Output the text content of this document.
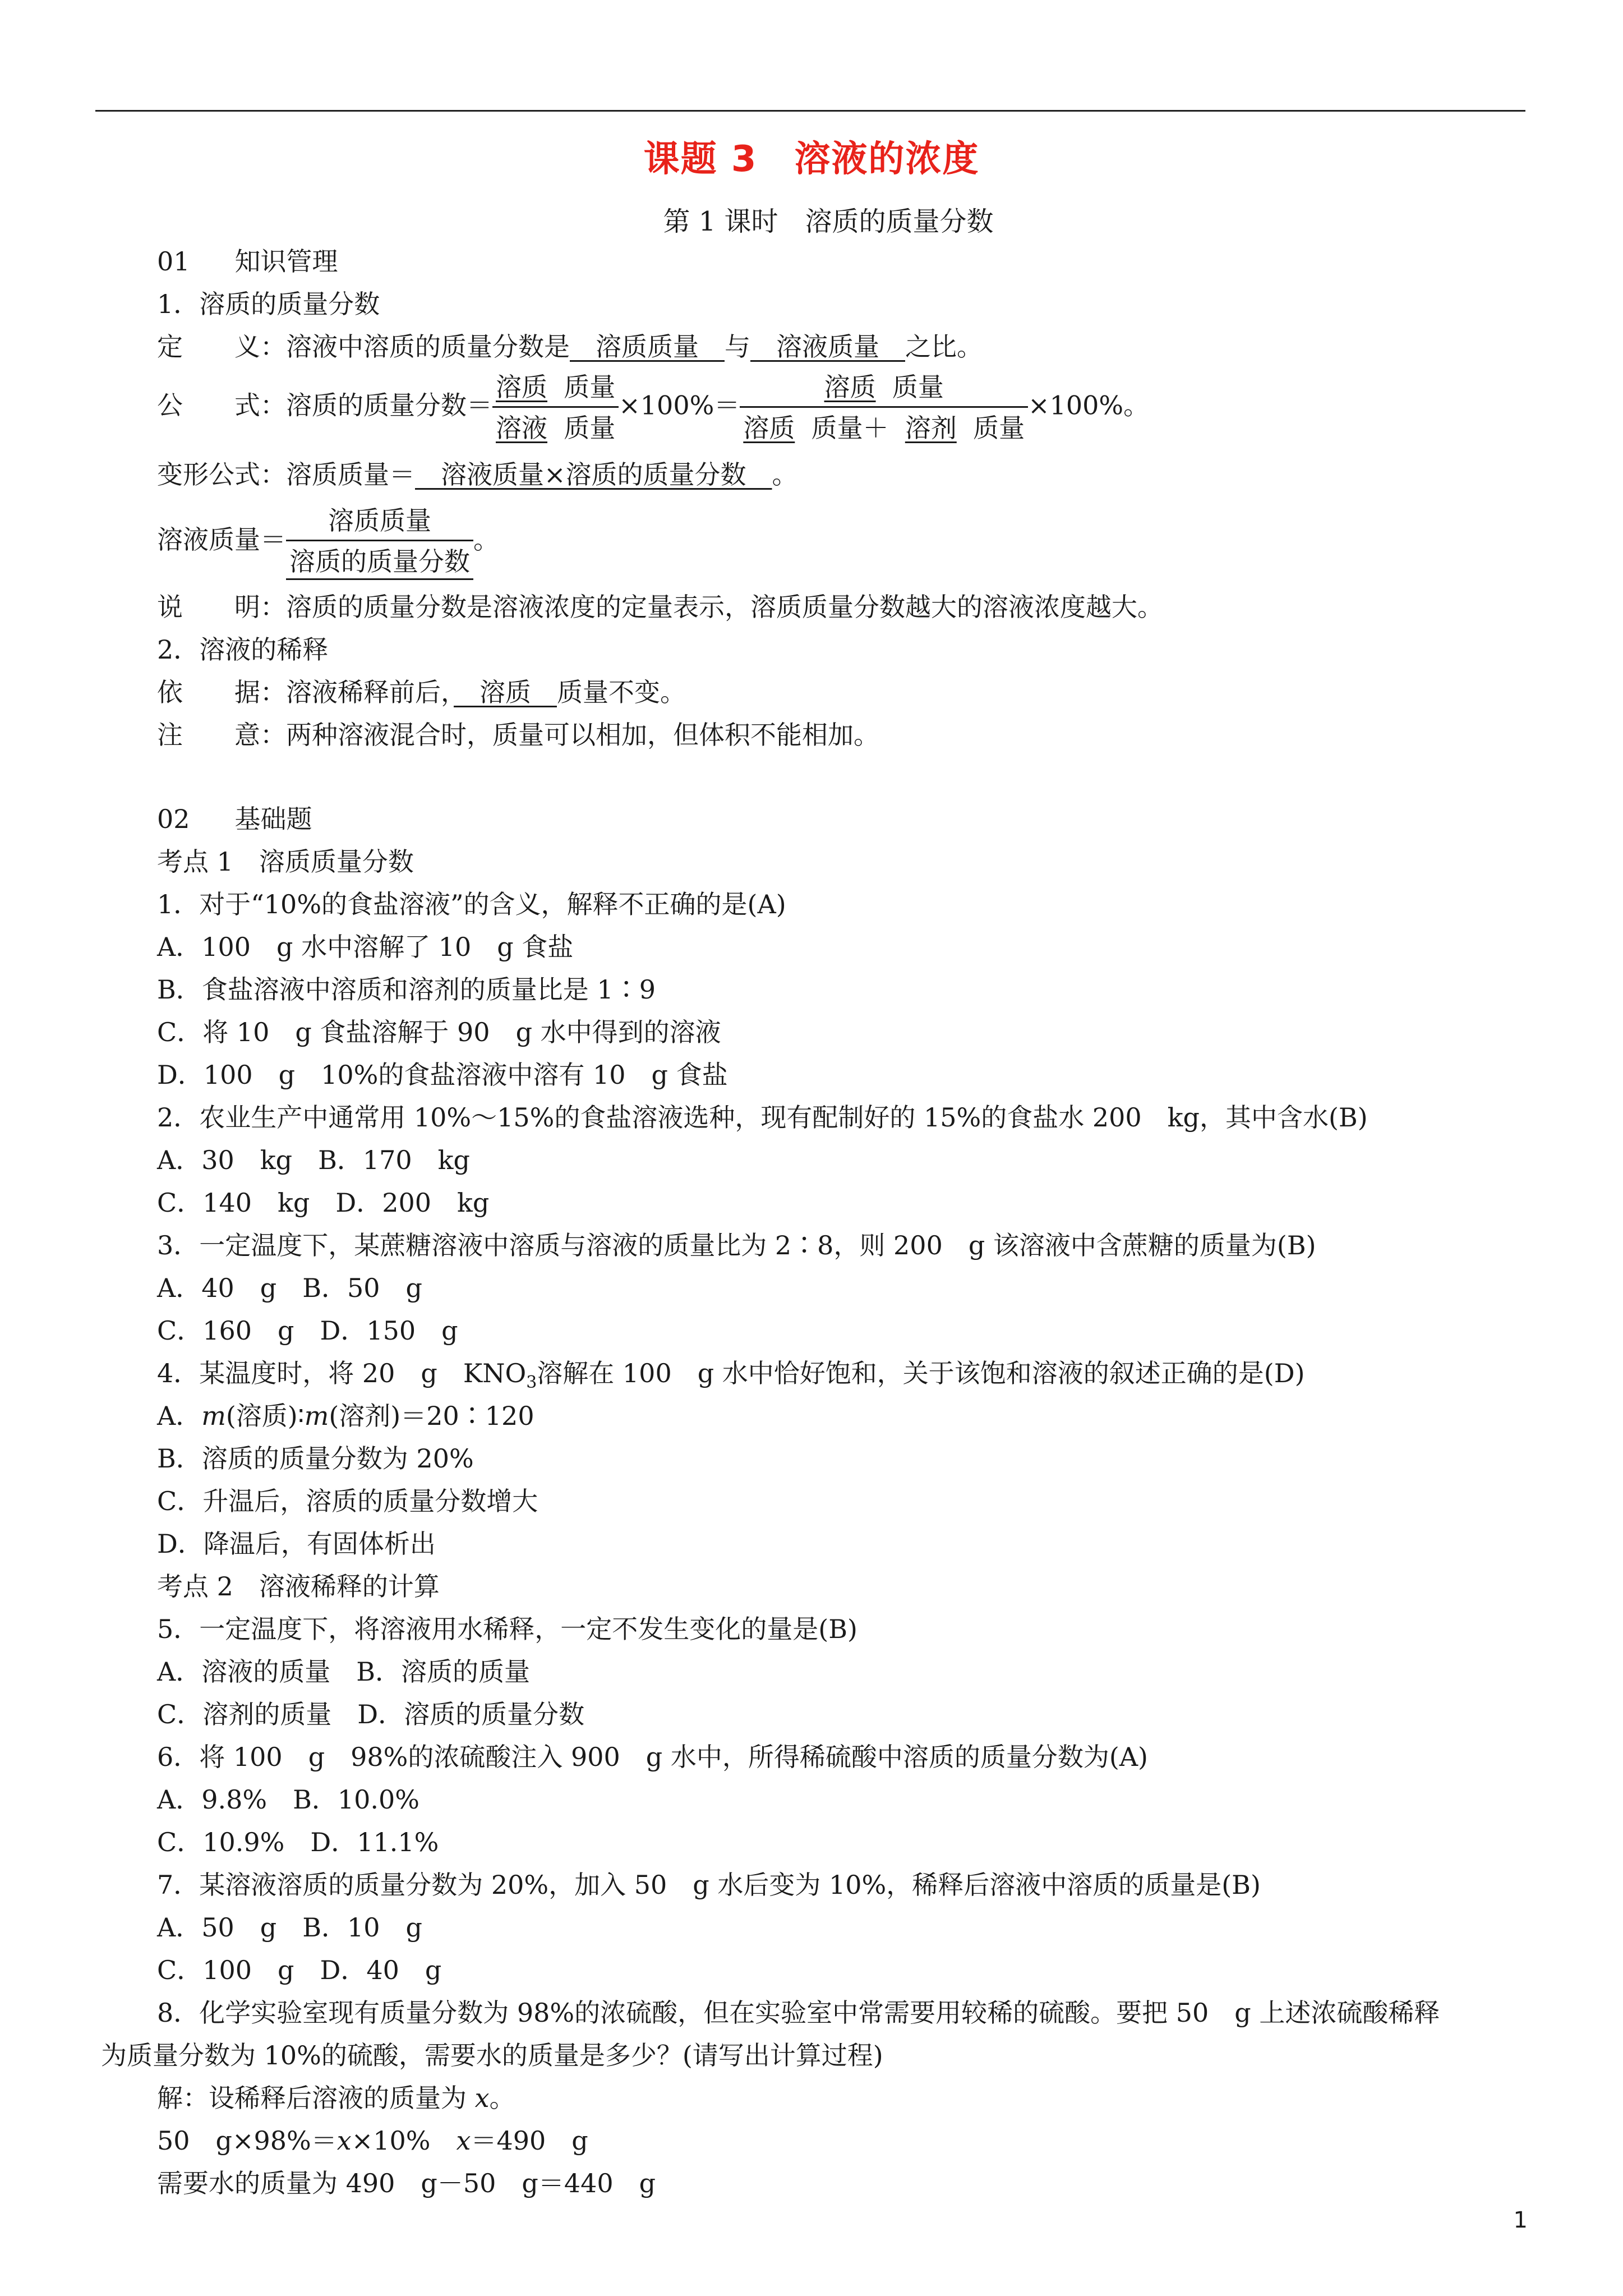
课题 3　溶液的浓度
第 1 课时　溶质的质量分数
01 知识管理
1．溶质的质量分数
定　　义：溶液中溶质的质量分数是　溶质质量　与　溶液质量　之比。
公　　式：溶质的质量分数＝ $\frac{\text{溶质 质量}}{\text{溶液 质量}} \times 100\%= \frac{\text{溶质 质量}}{\text{溶质 质量＋ 溶剂 质量}} \times 100\%$。
变形公式：溶质质量＝　溶液质量×溶质的质量分数　。
溶液质量＝ $\frac{\text{溶质质量}}{\text{溶质的质量分数}}$ 。
说　　明：溶质的质量分数是溶液浓度的定量表示，溶质质量分数越大的溶液浓度越大。
2．溶液的稀释
依　　据：溶液稀释前后，　溶质　质量不变。
注　　意：两种溶液混合时，质量可以相加，但体积不能相加。
02 基础题
考点 1　溶质质量分数
1．对于“10%的食盐溶液”的含义，解释不正确的是(A)
A．100　g 水中溶解了 10　g 食盐
B．食盐溶液中溶质和溶剂的质量比是 1∶9
C．将 10　g 食盐溶解于 90　g 水中得到的溶液
D．100　g　10%的食盐溶液中溶有 10　g 食盐
2．农业生产中通常用 10%～15%的食盐溶液选种，现有配制好的 15%的食盐水 200　kg，其中含水(B)
A．30　kg　B．170　kg
C．140　kg　D．200　kg
3．一定温度下，某蔗糖溶液中溶质与溶液的质量比为 2∶8，则 200　g 该溶液中含蔗糖的质量为(B)
A．40　g　B．50　g
C．160　g　D．150　g
4．某温度时，将 20　g　$KNO_3$溶解在 100　g 水中恰好饱和，关于该饱和溶液的叙述正确的是(D)
A．m(溶质)∶m(溶剂)＝20∶120
B．溶质的质量分数为 20%
C．升温后，溶质的质量分数增大
D．降温后，有固体析出
考点 2　溶液稀释的计算
5．一定温度下，将溶液用水稀释，一定不发生变化的量是(B)
A．溶液的质量　B．溶质的质量
C．溶剂的质量　D．溶质的质量分数
6．将 100　g　98%的浓硫酸注入 900　g 水中，所得稀硫酸中溶质的质量分数为(A)
A．9.8%　B．10.0%
C．10.9%　D．11.1%
7．某溶液溶质的质量分数为 20%，加入 50　g 水后变为 10%，稀释后溶液中溶质的质量是(B)
A．50　g　B．10　g
C．100　g　D．40　g
8．化学实验室现有质量分数为 98%的浓硫酸，但在实验室中常需要用较稀的硫酸。要把 50　g 上述浓硫酸稀释
为质量分数为 10%的硫酸，需要水的质量是多少？(请写出计算过程)
解：设稀释后溶液的质量为 x。
50　g×98%＝x×10%　x＝490　g
需要水的质量为 490　g－50　g＝440　g
1
